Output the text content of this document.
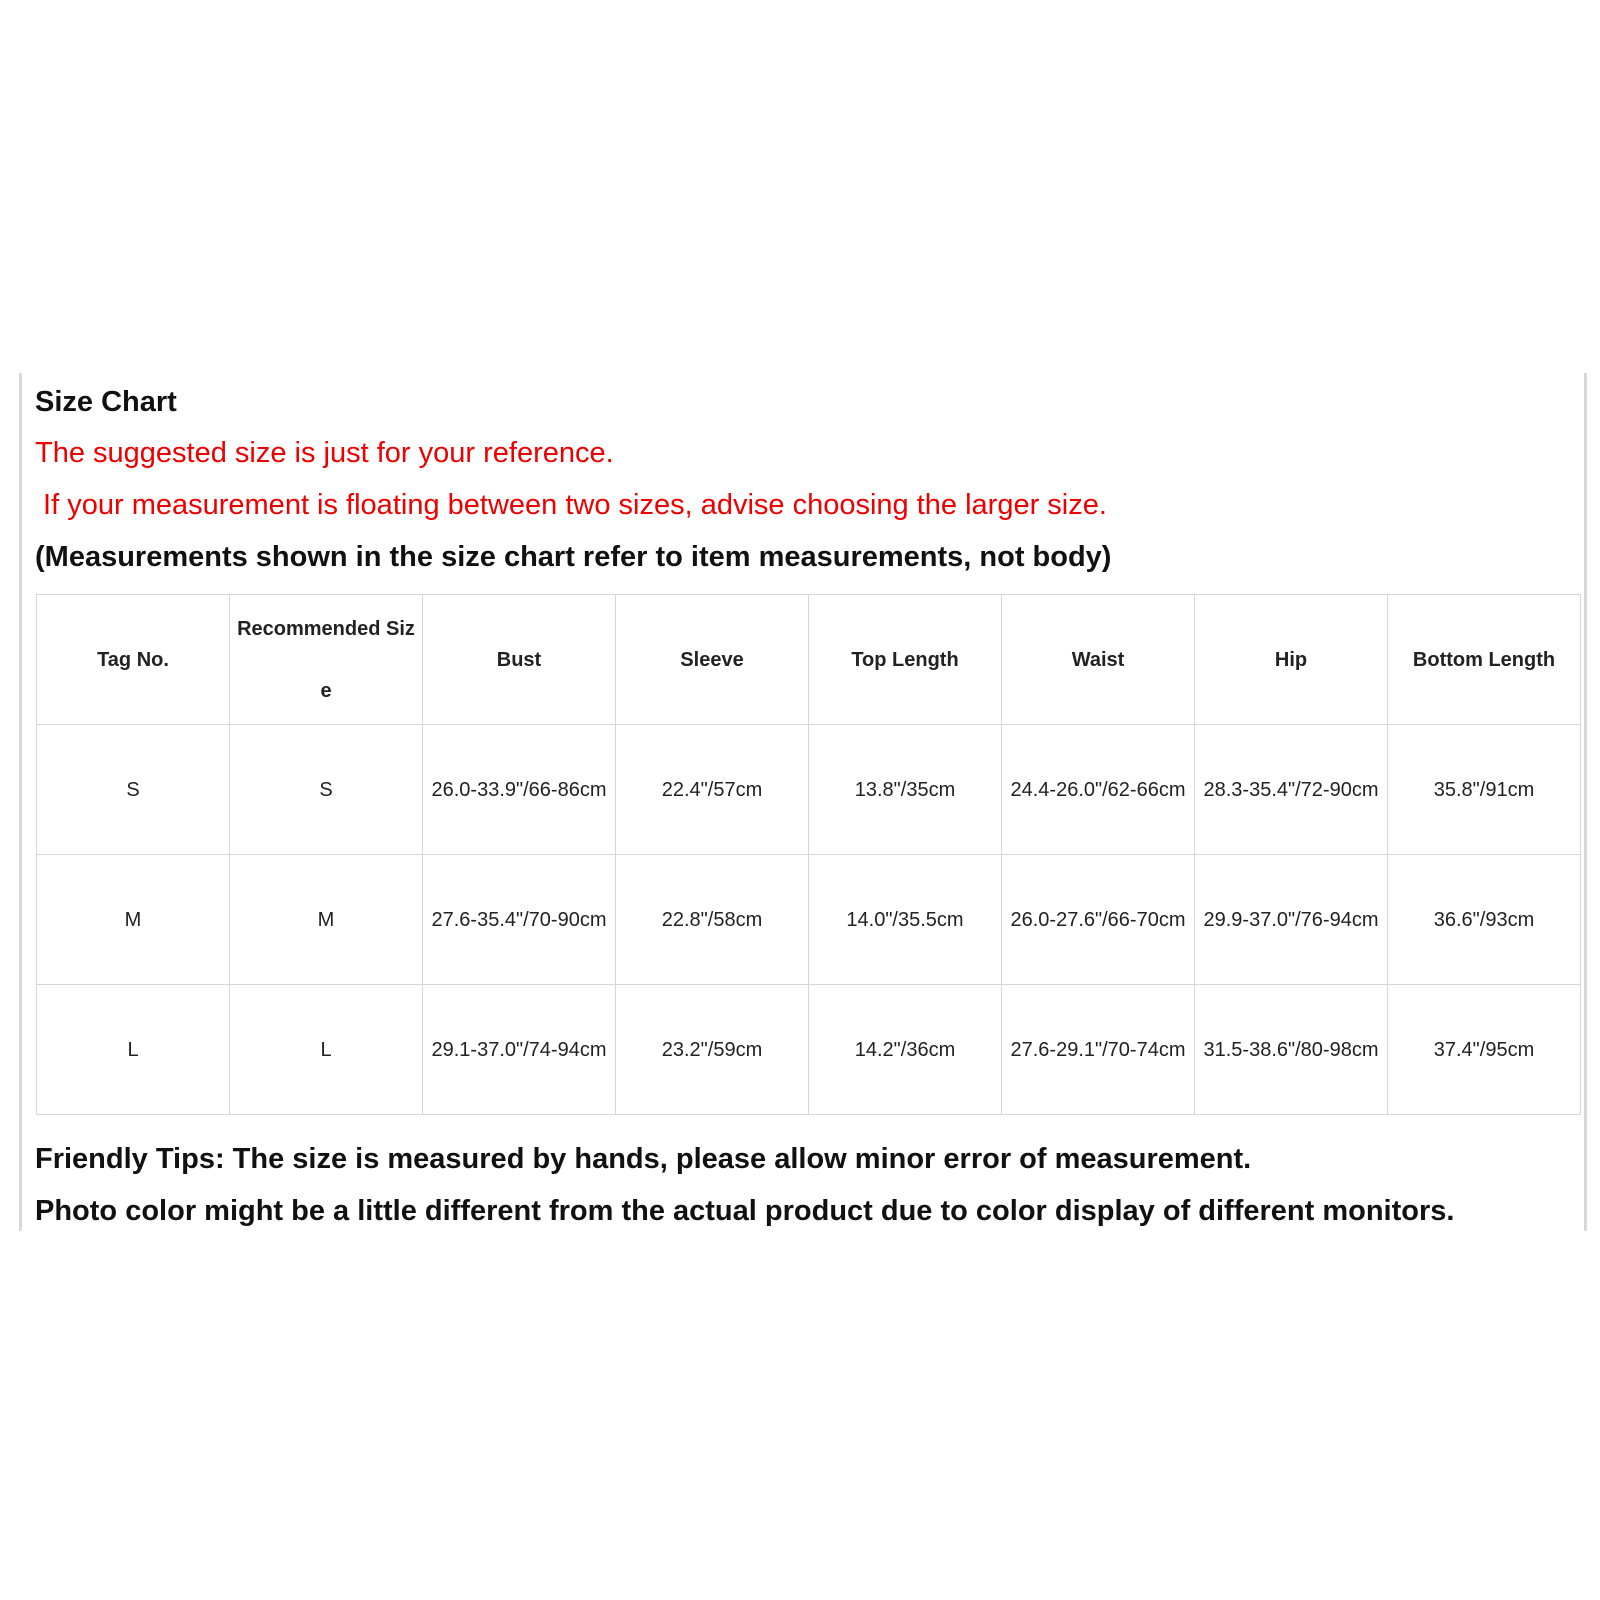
Size Chart
The suggested size is just for your reference.
If your measurement is floating between two sizes, advise choosing the larger size.
(Measurements shown in the size chart refer to item measurements, not body)
Tag No.	Recommended Size	Bust	Sleeve	Top Length	Waist	Hip	Bottom Length
S	S	26.0-33.9"/66-86cm	22.4"/57cm	13.8"/35cm	24.4-26.0"/62-66cm	28.3-35.4"/72-90cm	35.8"/91cm
M	M	27.6-35.4"/70-90cm	22.8"/58cm	14.0"/35.5cm	26.0-27.6"/66-70cm	29.9-37.0"/76-94cm	36.6"/93cm
L	L	29.1-37.0"/74-94cm	23.2"/59cm	14.2"/36cm	27.6-29.1"/70-74cm	31.5-38.6"/80-98cm	37.4"/95cm
Friendly Tips: The size is measured by hands, please allow minor error of measurement.
Photo color might be a little different from the actual product due to color display of different monitors.
